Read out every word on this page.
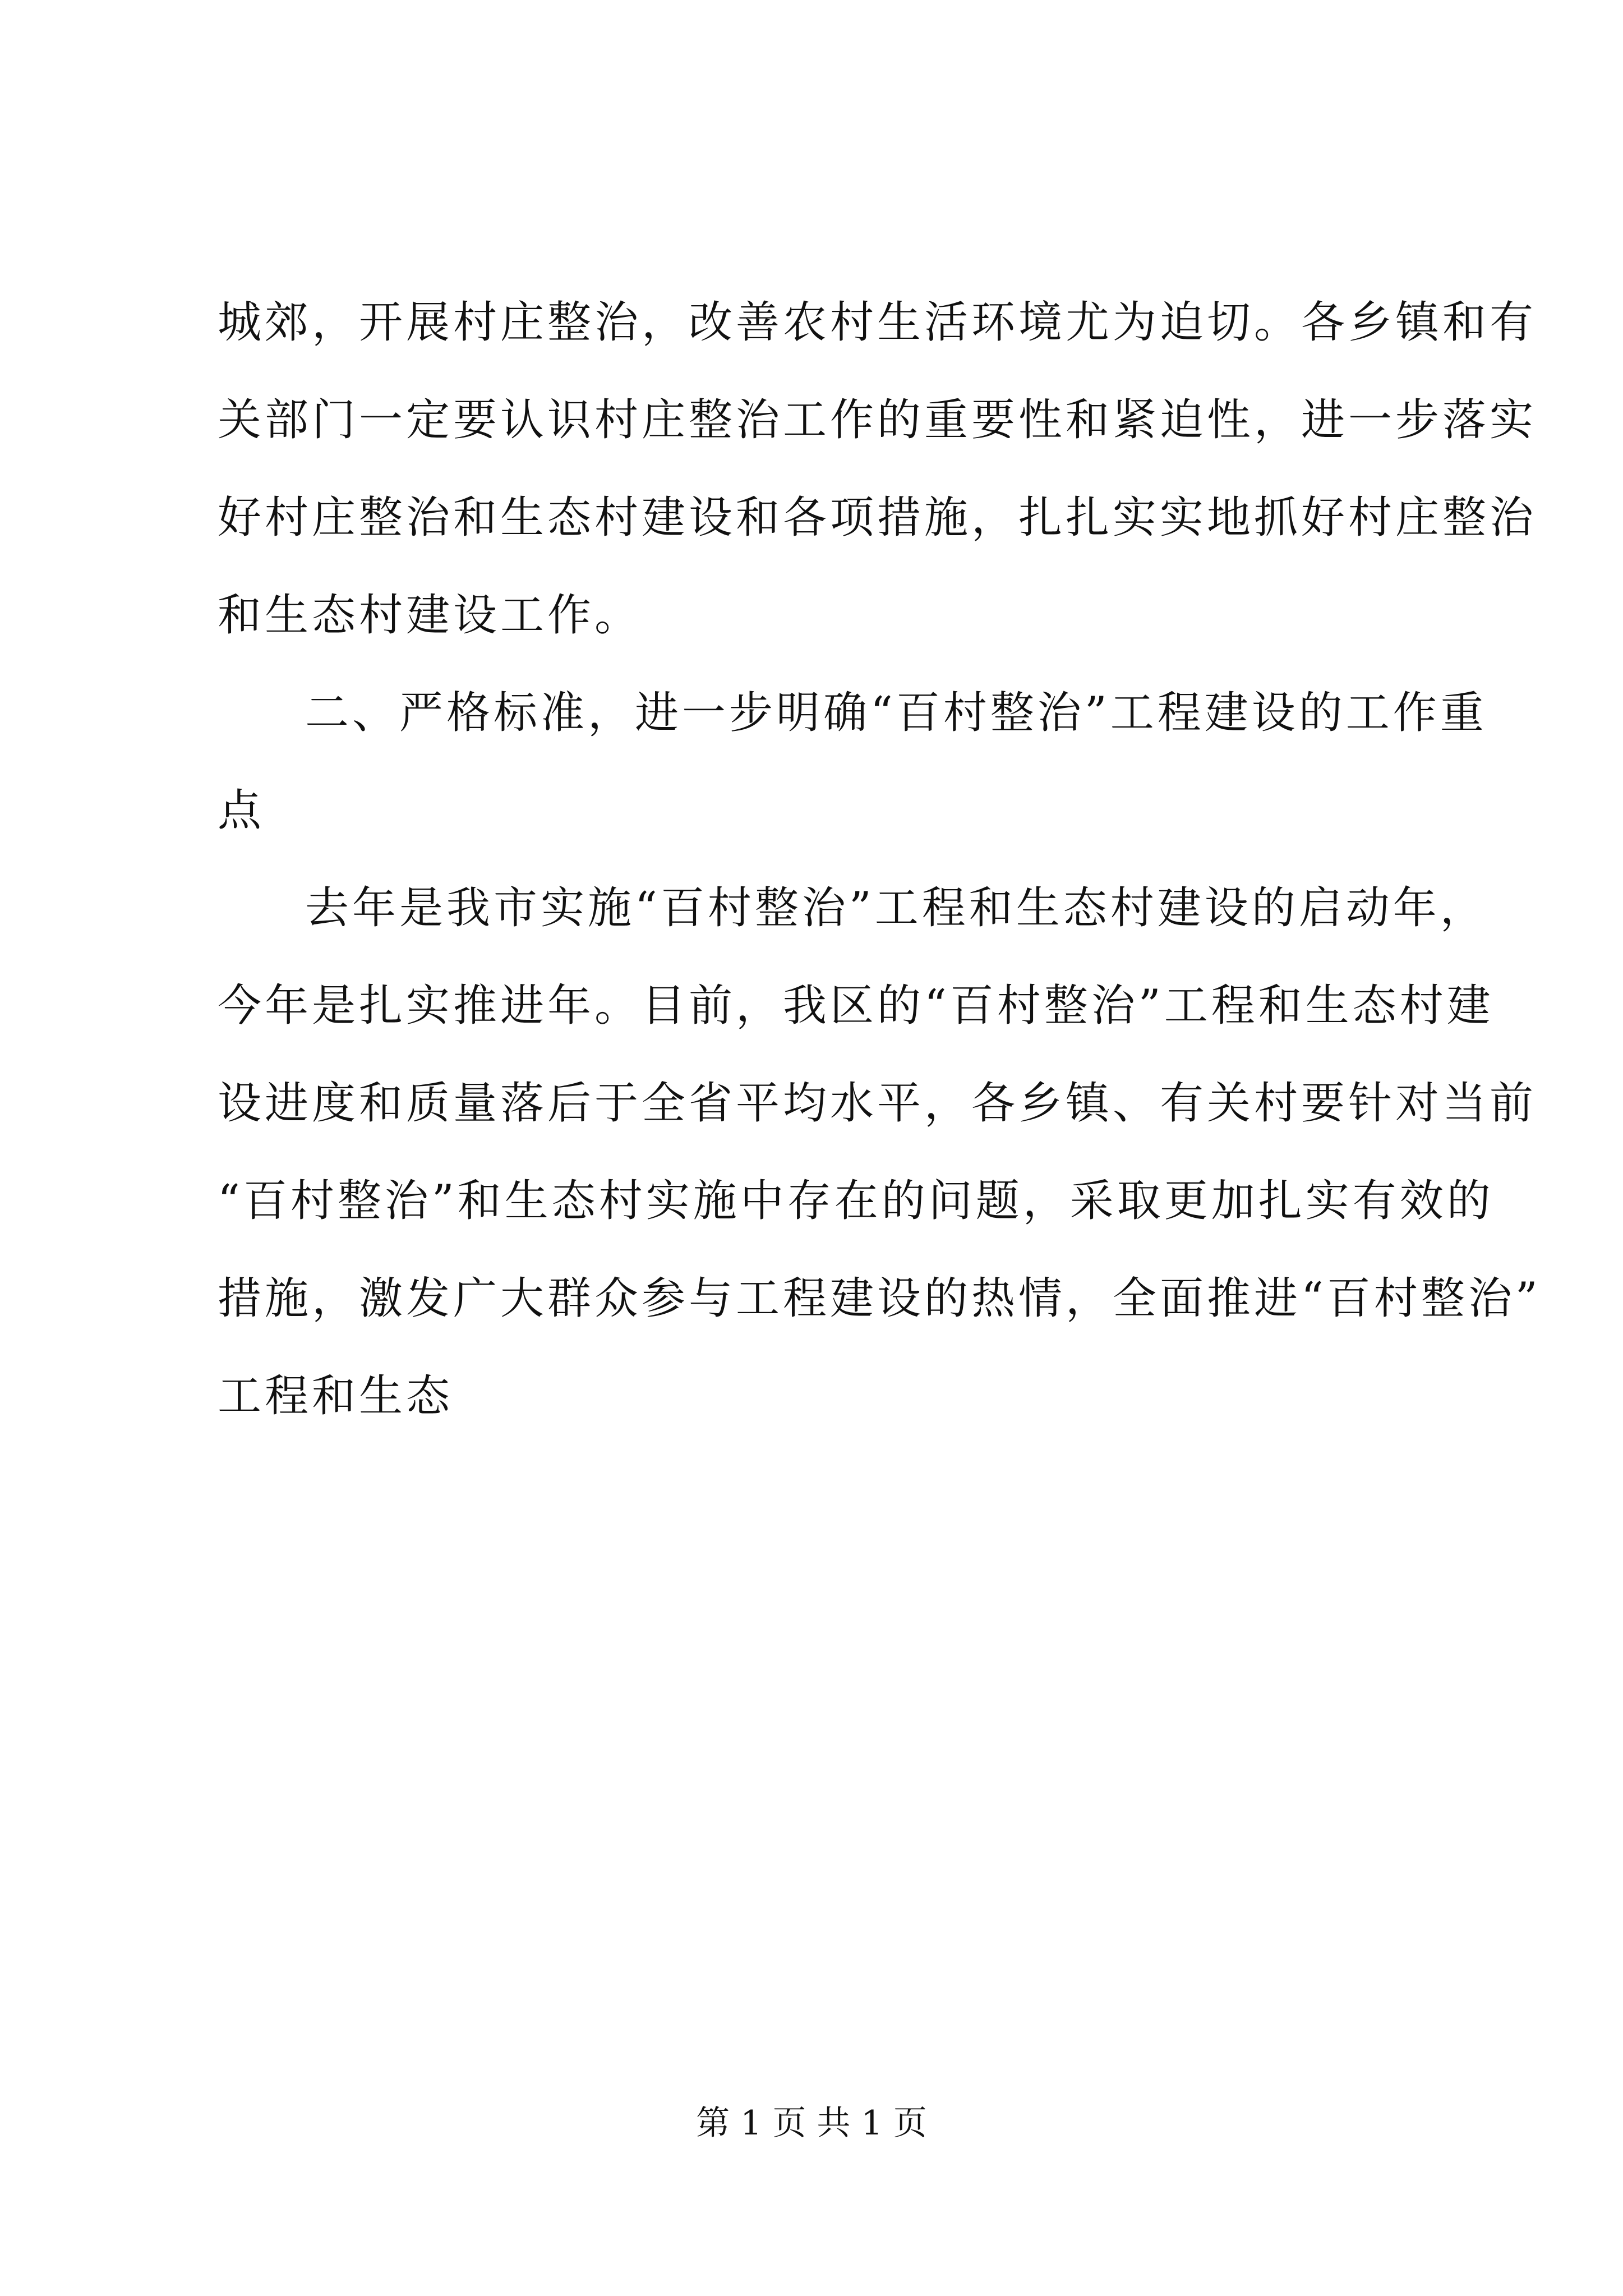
城郊，开展村庄整治，改善农村生活环境尤为迫切。各乡镇和有
关部门一定要认识村庄整治工作的重要性和紧迫性，进一步落实
好村庄整治和生态村建设和各项措施，扎扎实实地抓好村庄整治
和生态村建设工作。
二、严格标准，进一步明确“百村整治”工程建设的工作重
点
去年是我市实施“百村整治”工程和生态村建设的启动年，
今年是扎实推进年。目前，我区的“百村整治”工程和生态村建
设进度和质量落后于全省平均水平，各乡镇、有关村要针对当前
“百村整治”和生态村实施中存在的问题，采取更加扎实有效的
措施，激发广大群众参与工程建设的热情，全面推进“百村整治”
工程和生态
第 1 页 共 1 页
